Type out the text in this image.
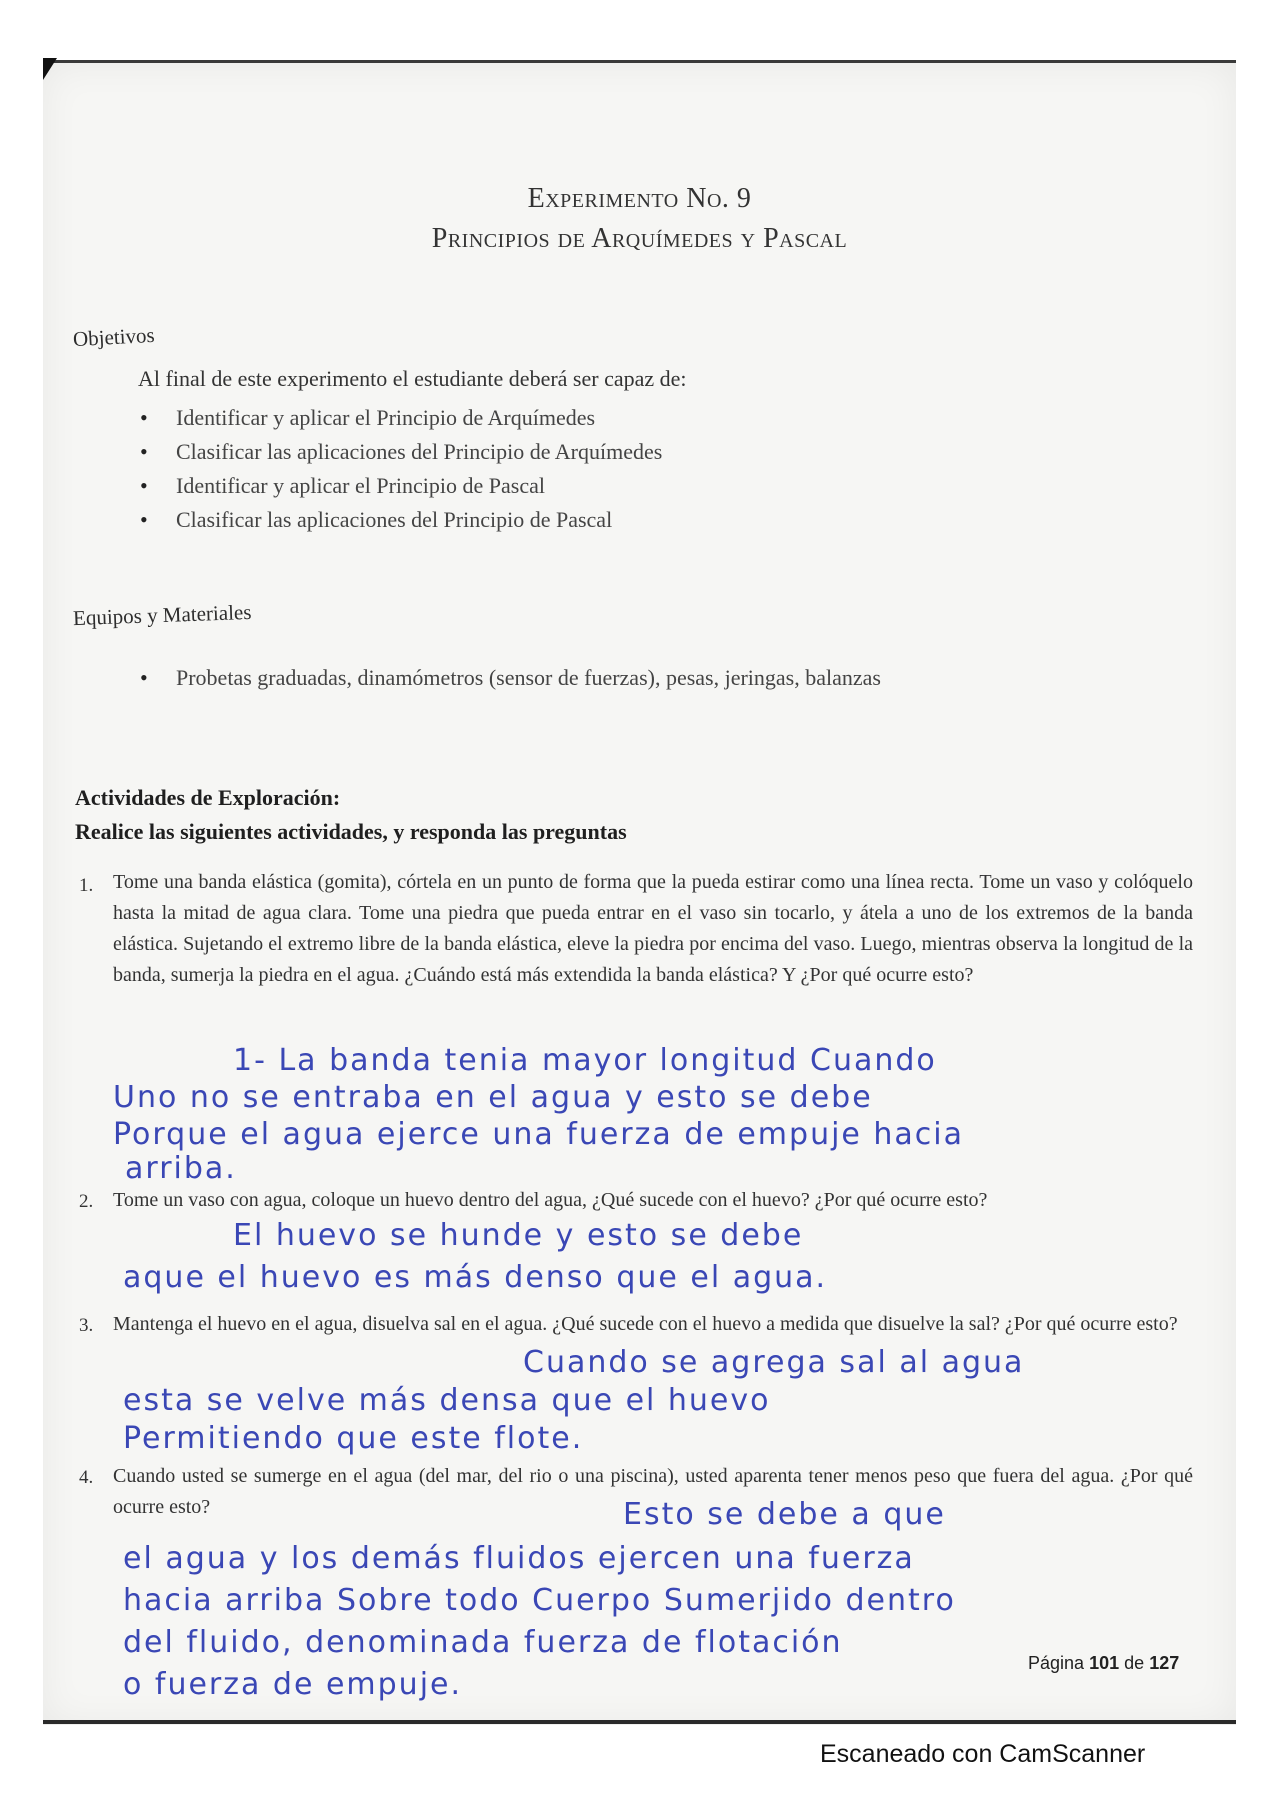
Experimento No. 9
Principios de Arquímedes y Pascal
Objetivos
Al final de este experimento el estudiante deberá ser capaz de:
• Identificar y aplicar el Principio de Arquímedes
• Clasificar las aplicaciones del Principio de Arquímedes
• Identificar y aplicar el Principio de Pascal
• Clasificar las aplicaciones del Principio de Pascal
Equipos y Materiales
• Probetas graduadas, dinamómetros (sensor de fuerzas), pesas, jeringas, balanzas
Actividades de Exploración:
Realice las siguientes actividades, y responda las preguntas
1. Tome una banda elástica (gomita), córtela en un punto de forma que la pueda estirar como una línea recta. Tome un vaso y colóquelo hasta la mitad de agua clara. Tome una piedra que pueda entrar en el vaso sin tocarlo, y átela a uno de los extremos de la banda elástica. Sujetando el extremo libre de la banda elástica, eleve la piedra por encima del vaso. Luego, mientras observa la longitud de la banda, sumerja la piedra en el agua. ¿Cuándo está más extendida la banda elástica? Y ¿Por qué ocurre esto?
1- La banda tenia mayor longitud Cuando
Uno no se entraba en el agua y esto se debe
Porque el agua ejerce una fuerza de empuje hacia
arriba.
2. Tome un vaso con agua, coloque un huevo dentro del agua, ¿Qué sucede con el huevo? ¿Por qué ocurre esto?
El huevo se hunde y esto se debe
aque el huevo es más denso que el agua.
3. Mantenga el huevo en el agua, disuelva sal en el agua. ¿Qué sucede con el huevo a medida que disuelve la sal? ¿Por qué ocurre esto?
Cuando se agrega sal al agua
esta se velve más densa que el huevo
Permitiendo que este flote.
4. Cuando usted se sumerge en el agua (del mar, del rio o una piscina), usted aparenta tener menos peso que fuera del agua. ¿Por qué ocurre esto?	Esto se debe a que
el agua y los demás fluidos ejercen una fuerza
hacia arriba Sobre todo Cuerpo Sumerjido dentro
del fluido, denominada fuerza de flotación
o fuerza de empuje.
Página 101 de 127
Escaneado con CamScanner
